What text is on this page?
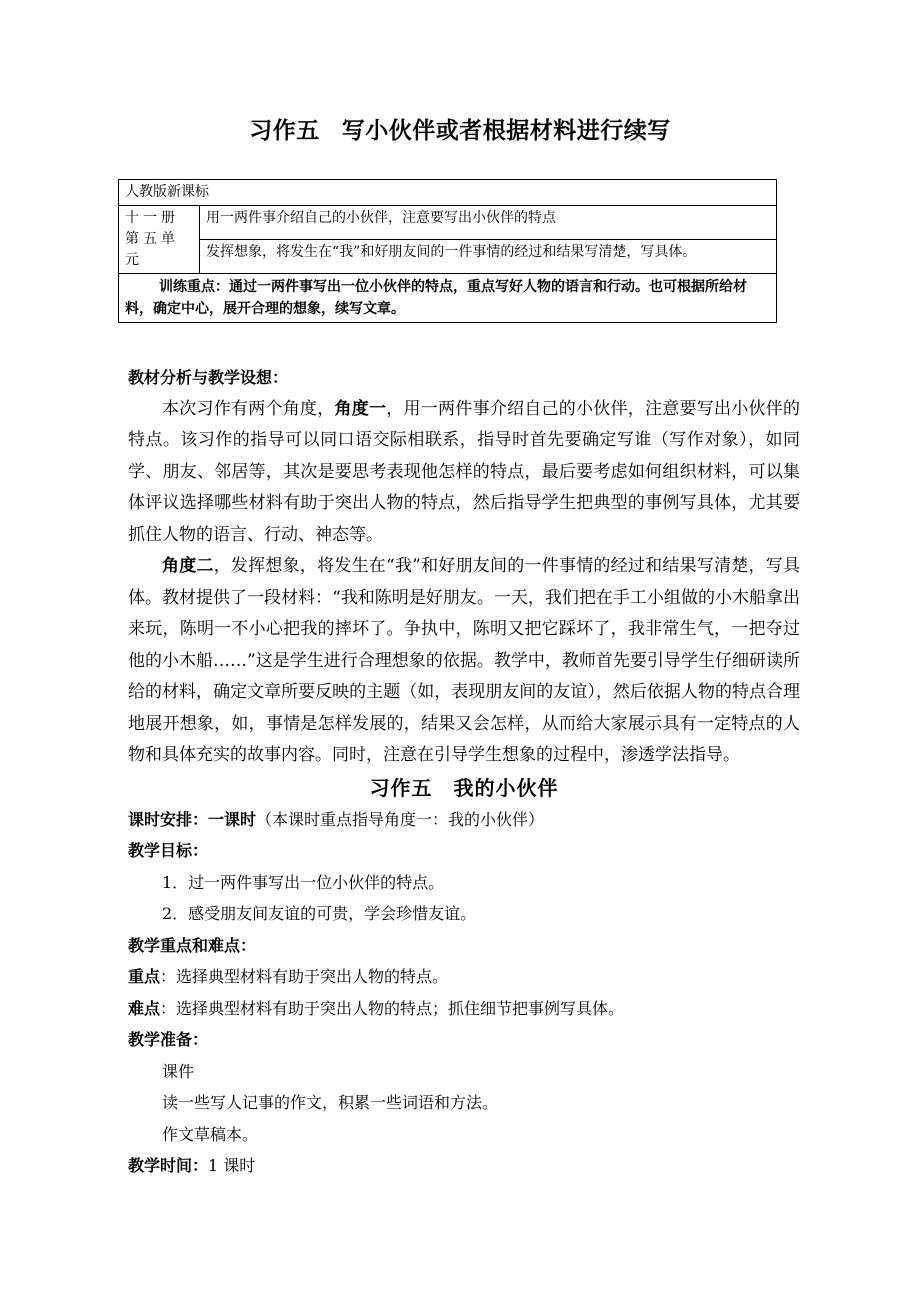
习作五 写小伙伴或者根据材料进行续写
人教版新课标
十一册第五单元	用一两件事介绍自己的小伙伴，注意要写出小伙伴的特点
发挥想象，将发生在“我”和好朋友间的一件事情的经过和结果写清楚，写具体。
训练重点：通过一两件事写出一位小伙伴的特点，重点写好人物的语言和行动。也可根据所给材料，确定中心，展开合理的想象，续写文章。

教材分析与教学设想：

本次习作有两个角度，角度一，用一两件事介绍自己的小伙伴，注意要写出小伙伴的特点。该习作的指导可以同口语交际相联系，指导时首先要确定写谁（写作对象），如同学、朋友、邻居等，其次是要思考表现他怎样的特点，最后要考虑如何组织材料，可以集体评议选择哪些材料有助于突出人物的特点，然后指导学生把典型的事例写具体，尤其要抓住人物的语言、行动、神态等。

角度二，发挥想象，将发生在“我”和好朋友间的一件事情的经过和结果写清楚，写具体。教材提供了一段材料：“我和陈明是好朋友。一天，我们把在手工小组做的小木船拿出来玩，陈明一不小心把我的摔坏了。争执中，陈明又把它踩坏了，我非常生气，一把夺过他的小木船……”这是学生进行合理想象的依据。教学中，教师首先要引导学生仔细研读所给的材料，确定文章所要反映的主题（如，表现朋友间的友谊），然后依据人物的特点合理地展开想象，如，事情是怎样发展的，结果又会怎样，从而给大家展示具有一定特点的人物和具体充实的故事内容。同时，注意在引导学生想象的过程中，渗透学法指导。

习作五　我的小伙伴

课时安排：一课时（本课时重点指导角度一：我的小伙伴）

教学目标：

1．过一两件事写出一位小伙伴的特点。

2．感受朋友间友谊的可贵，学会珍惜友谊。

教学重点和难点：

重点：选择典型材料有助于突出人物的特点。

难点：选择典型材料有助于突出人物的特点；抓住细节把事例写具体。

教学准备：

课件

读一些写人记事的作文，积累一些词语和方法。

作文草稿本。

教学时间：1 课时
